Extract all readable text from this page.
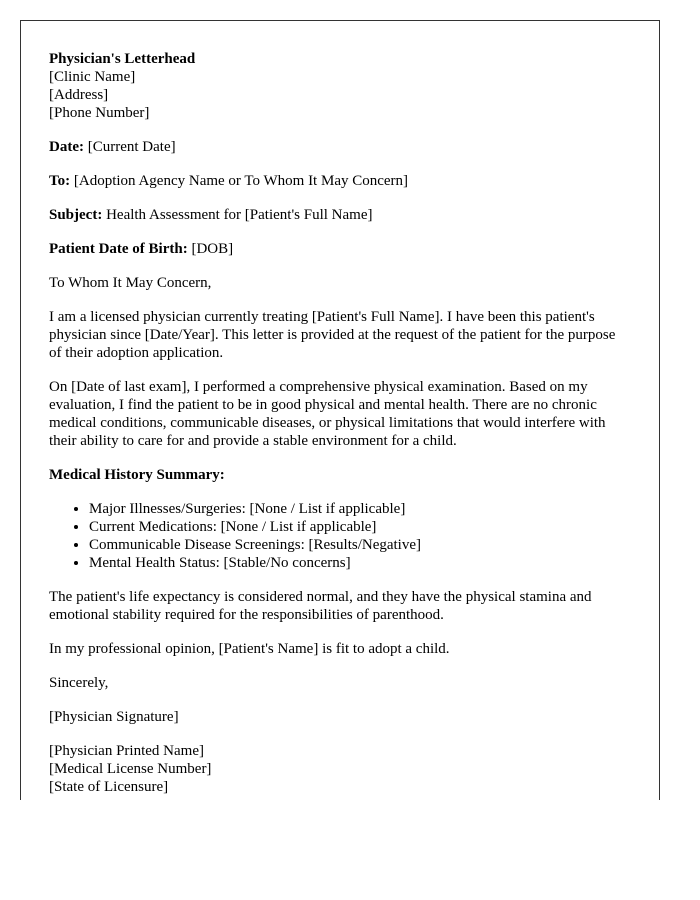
Physician's Letterhead
[Clinic Name]
[Address]
[Phone Number]

Date: [Current Date]

To: [Adoption Agency Name or To Whom It May Concern]

Subject: Health Assessment for [Patient's Full Name]

Patient Date of Birth: [DOB]

To Whom It May Concern,

I am a licensed physician currently treating [Patient's Full Name]. I have been this patient's physician since [Date/Year]. This letter is provided at the request of the patient for the purpose of their adoption application.

On [Date of last exam], I performed a comprehensive physical examination. Based on my evaluation, I find the patient to be in good physical and mental health. There are no chronic medical conditions, communicable diseases, or physical limitations that would interfere with their ability to care for and provide a stable environment for a child.

Medical History Summary:

• Major Illnesses/Surgeries: [None / List if applicable]
• Current Medications: [None / List if applicable]
• Communicable Disease Screenings: [Results/Negative]
• Mental Health Status: [Stable/No concerns]

The patient's life expectancy is considered normal, and they have the physical stamina and emotional stability required for the responsibilities of parenthood.

In my professional opinion, [Patient's Name] is fit to adopt a child.

Sincerely,

[Physician Signature]

[Physician Printed Name]
[Medical License Number]
[State of Licensure]
